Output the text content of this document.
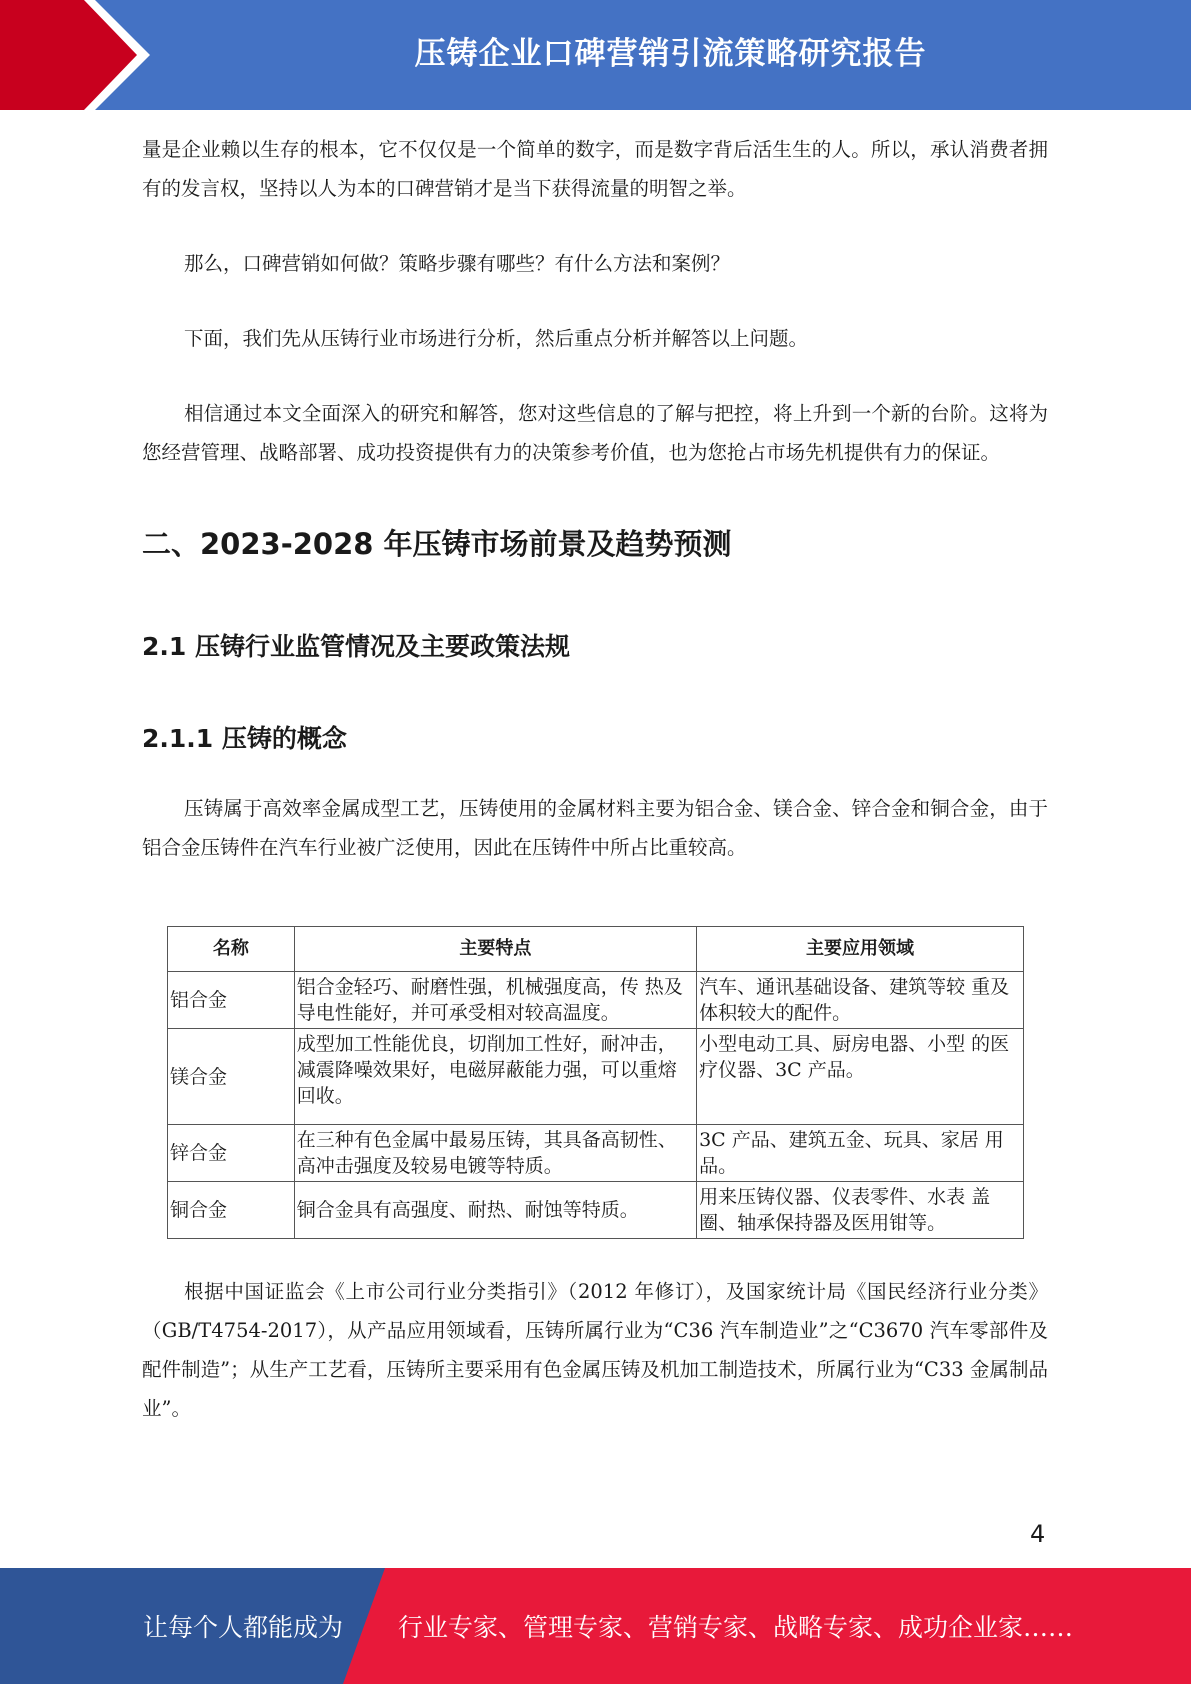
压铸企业口碑营销引流策略研究报告

量是企业赖以生存的根本，它不仅仅是一个简单的数字，而是数字背后活生生的人。所以，承认消费者拥有的发言权，坚持以人为本的口碑营销才是当下获得流量的明智之举。

那么，口碑营销如何做？策略步骤有哪些？有什么方法和案例？

下面，我们先从压铸行业市场进行分析，然后重点分析并解答以上问题。

相信通过本文全面深入的研究和解答，您对这些信息的了解与把控，将上升到一个新的台阶。这将为您经营管理、战略部署、成功投资提供有力的决策参考价值，也为您抢占市场先机提供有力的保证。

二、2023-2028 年压铸市场前景及趋势预测
2.1 压铸行业监管情况及主要政策法规
2.1.1 压铸的概念

压铸属于高效率金属成型工艺，压铸使用的金属材料主要为铝合金、镁合金、锌合金和铜合金，由于铝合金压铸件在汽车行业被广泛使用，因此在压铸件中所占比重较高。

名称	主要特点	主要应用领域
铝合金	铝合金轻巧、耐磨性强，机械强度高，传 热及导电性能好，并可承受相对较高温度。	汽车、通讯基础设备、建筑等较 重及体积较大的配件。
镁合金	成型加工性能优良，切削加工性好，耐冲击，减震降噪效果好，电磁屏蔽能力强，可以重熔回收。	小型电动工具、厨房电器、小型 的医疗仪器、3C 产品。
锌合金	在三种有色金属中最易压铸，其具备高韧性、高冲击强度及较易电镀等特质。	3C 产品、建筑五金、玩具、家居 用品。
铜合金	铜合金具有高强度、耐热、耐蚀等特质。	用来压铸仪器、仪表零件、水表 盖圈、轴承保持器及医用钳等。

根据中国证监会《上市公司行业分类指引》（2012 年修订），及国家统计局《国民经济行业分类》（GB/T4754-2017），从产品应用领域看，压铸所属行业为“C36 汽车制造业”之“C3670 汽车零部件及配件制造”；从生产工艺看，压铸所主要采用有色金属压铸及机加工制造技术，所属行业为“C33 金属制品业”。

4
让每个人都能成为 行业专家、管理专家、营销专家、战略专家、成功企业家……
